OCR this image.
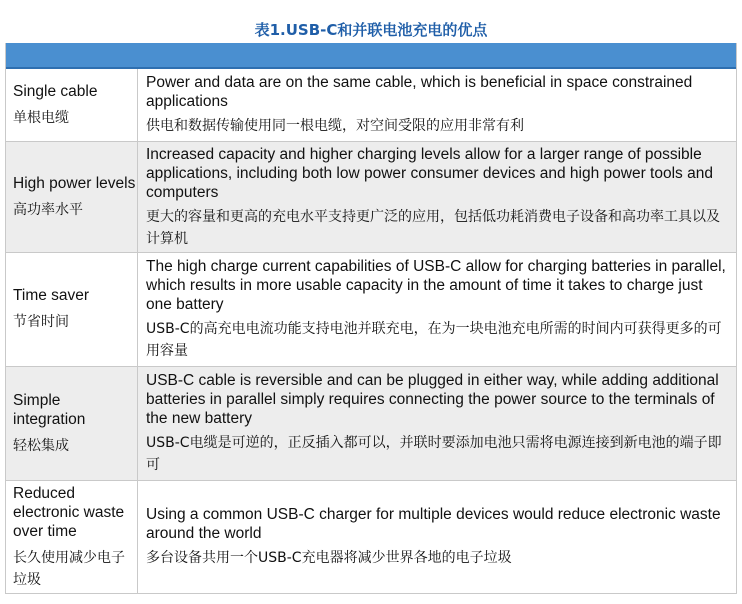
表1.USB-C和并联电池充电的优点
Single cable
单根电缆
Power and data are on the same cable, which is beneficial in space constrained applications
供电和数据传输使用同一根电缆，对空间受限的应用非常有利
High power levels
高功率水平
Increased capacity and higher charging levels allow for a larger range of possible applications, including both low power consumer devices and high power tools and computers
更大的容量和更高的充电水平支持更广泛的应用，包括低功耗消费电子设备和高功率工具以及计算机
Time saver
节省时间
The high charge current capabilities of USB-C allow for charging batteries in parallel, which results in more usable capacity in the amount of time it takes to charge just one battery
USB-C的高充电电流功能支持电池并联充电，在为一块电池充电所需的时间内可获得更多的可用容量
Simple integration
轻松集成
USB-C cable is reversible and can be plugged in either way, while adding additional batteries in parallel simply requires connecting the power source to the terminals of the new battery
USB-C电缆是可逆的，正反插入都可以，并联时要添加电池只需将电源连接到新电池的端子即可
Reduced electronic waste over time
长久使用减少电子垃圾
Using a common USB-C charger for multiple devices would reduce electronic waste around the world
多台设备共用一个USB-C充电器将减少世界各地的电子垃圾
